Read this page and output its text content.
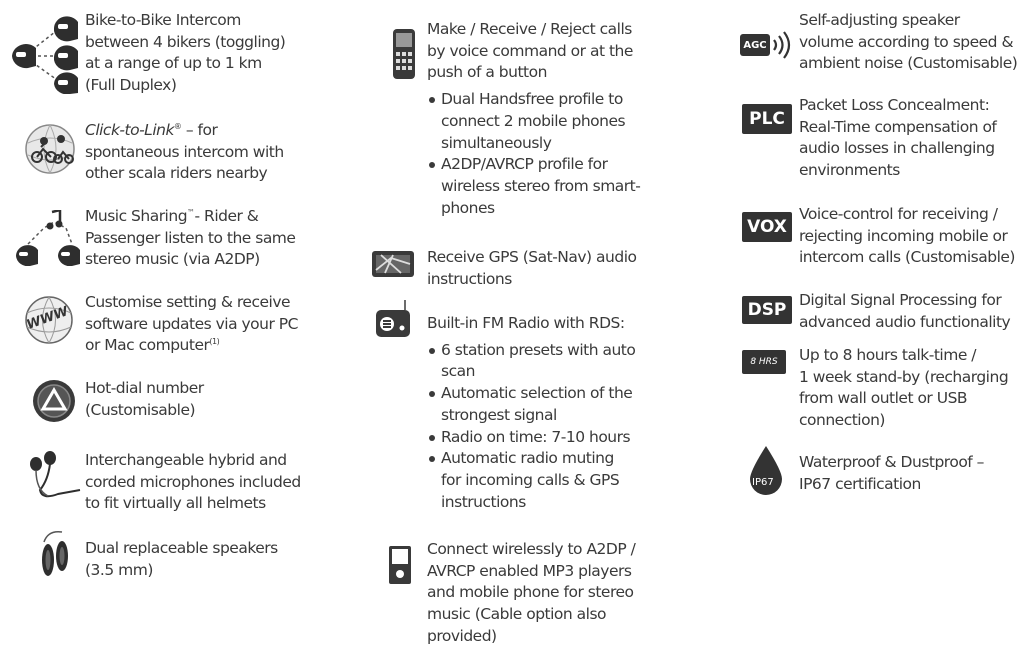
Bike-to-Bike Intercom

between 4 bikers (toggling)

at a range of up to 1 km

(Full Duplex)

Click-to-Link® – for

spontaneous intercom with

other scala riders nearby

Music Sharing™- Rider &

Passenger listen to the same

stereo music (via A2DP)

WWW

Customise setting & receive

software updates via your PC

or Mac computer$^{(1)}$

Hot-dial number

(Customisable)

Interchangeable hybrid and

corded microphones included

to fit virtually all helmets

Dual replaceable speakers

(3.5 mm)

Make / Receive / Reject calls

by voice command or at the

push of a button

Dual Handsfree profile to
connect 2 mobile phones
simultaneously
A2DP/AVRCP profile for
wireless stereo from smart-
phones

Receive GPS (Sat-Nav) audio

instructions

Built-in FM Radio with RDS:

6 station presets with auto
scan
Automatic selection of the
strongest signal
Radio on time: 7-10 hours
Automatic radio muting
for incoming calls & GPS
instructions

Connect wirelessly to A2DP /

AVRCP enabled MP3 players

and mobile phone for stereo

music (Cable option also

provided)

AGC

Self-adjusting speaker

volume according to speed &

ambient noise (Customisable)

PLC

Packet Loss Concealment:

Real-Time compensation of

audio losses in challenging

environments

VOX

Voice-control for receiving /

rejecting incoming mobile or

intercom calls (Customisable)

DSP Digital Signal Processing for

advanced audio functionality

8 HRS	Up to 8 hours talk-time /

1 week stand-by (recharging

from wall outlet or USB

connection)

IP67

Waterproof & Dustproof –

IP67 certification
